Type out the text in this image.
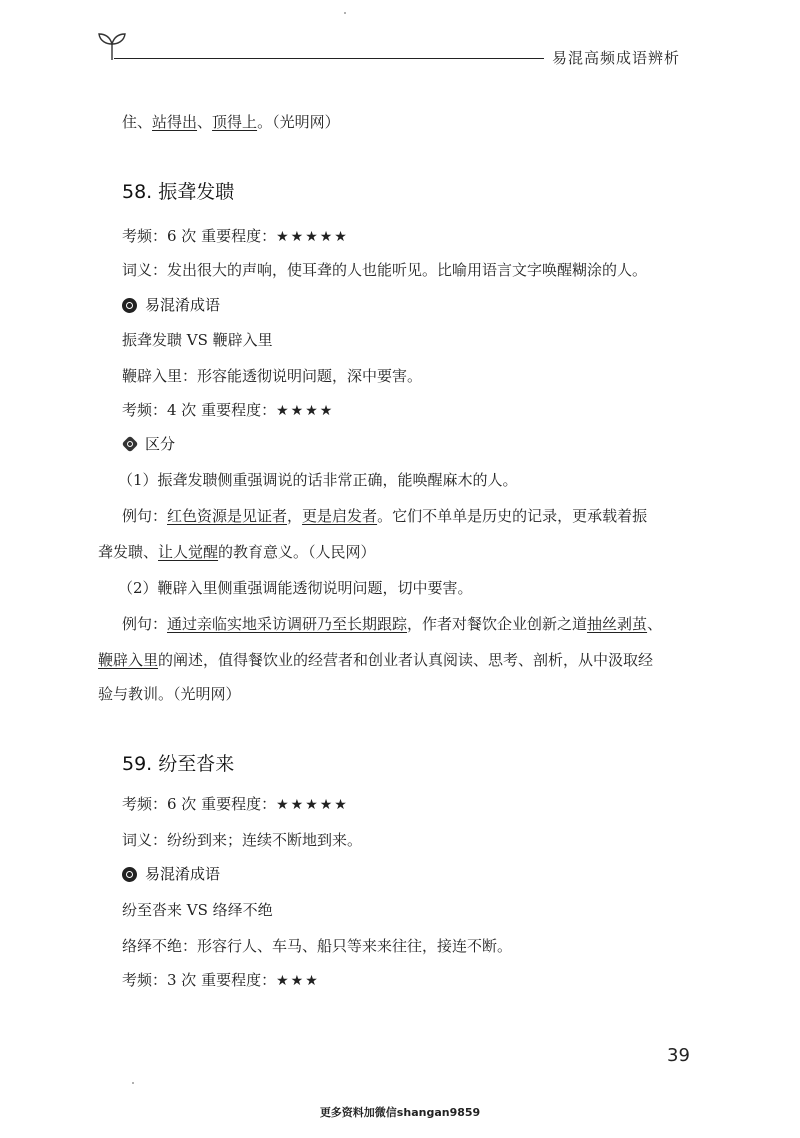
易混高频成语辨析
住、站得出、顶得上。（光明网）
58. 振聋发聩
考频：6 次 重要程度：★★★★★
词义：发出很大的声响，使耳聋的人也能听见。比喻用语言文字唤醒糊涂的人。
易混淆成语
振聋发聩 VS 鞭辟入里
鞭辟入里：形容能透彻说明问题，深中要害。
考频：4 次 重要程度：★★★★
区分
（1）振聋发聩侧重强调说的话非常正确，能唤醒麻木的人。
例句：红色资源是见证者，更是启发者。它们不单单是历史的记录，更承载着振
聋发聩、让人觉醒的教育意义。（人民网）
（2）鞭辟入里侧重强调能透彻说明问题，切中要害。
例句：通过亲临实地采访调研乃至长期跟踪，作者对餐饮企业创新之道抽丝剥茧、
鞭辟入里的阐述，值得餐饮业的经营者和创业者认真阅读、思考、剖析，从中汲取经
验与教训。（光明网）
59. 纷至沓来
考频：6 次 重要程度：★★★★★
词义：纷纷到来；连续不断地到来。
易混淆成语
纷至沓来 VS 络绎不绝
络绎不绝：形容行人、车马、船只等来来往往，接连不断。
考频：3 次 重要程度：★★★
39
更多资料加微信shangan9859
